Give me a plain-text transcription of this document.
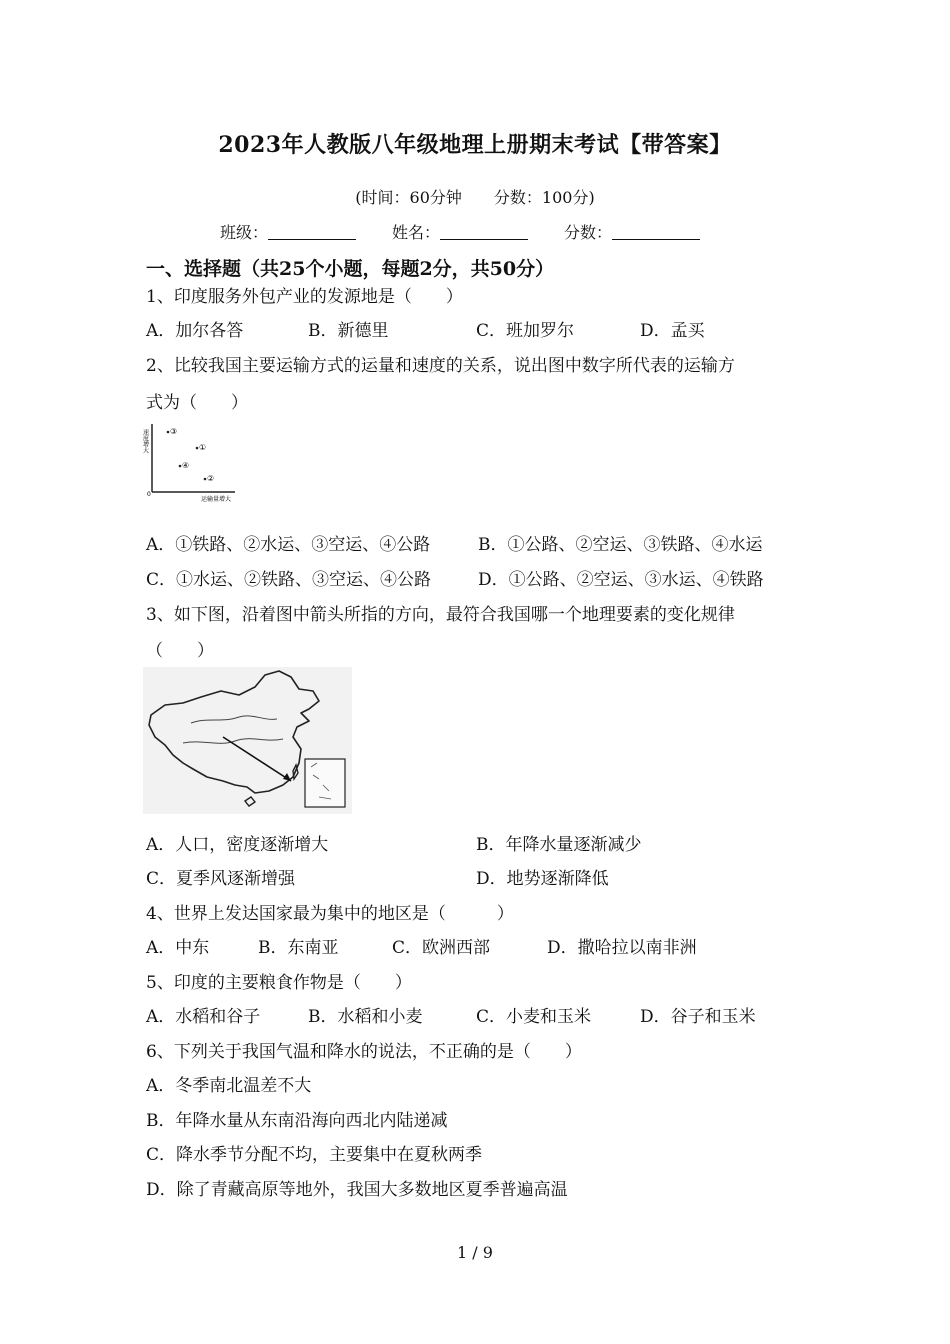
2023年人教版八年级地理上册期末考试【带答案】
(时间：60分钟　　分数：100分)
班级：	姓名：	分数：
一、选择题（共25个小题，每题2分，共50分）
1、印度服务外包产业的发源地是（　　）
A．加尔各答	B．新德里	C．班加罗尔	D．孟买
2、比较我国主要运输方式的运量和速度的关系，说出图中数字所代表的运输方
式为（　　）
速度增大
0
运输量增大
③
①
④
②
A．①铁路、②水运、③空运、④公路	B．①公路、②空运、③铁路、④水运
C．①水运、②铁路、③空运、④公路	D．①公路、②空运、③水运、④铁路
3、如下图，沿着图中箭头所指的方向，最符合我国哪一个地理要素的变化规律
（　　）
A．人口，密度逐渐增大	B．年降水量逐渐减少
C．夏季风逐渐增强	D．地势逐渐降低
4、世界上发达国家最为集中的地区是（　　　）
A．中东	B．东南亚	C．欧洲西部	D．撒哈拉以南非洲
5、印度的主要粮食作物是（　　）
A．水稻和谷子	B．水稻和小麦	C．小麦和玉米	D．谷子和玉米
6、下列关于我国气温和降水的说法，不正确的是（　　）
A．冬季南北温差不大
B．年降水量从东南沿海向西北内陆递减
C．降水季节分配不均，主要集中在夏秋两季
D．除了青藏高原等地外，我国大多数地区夏季普遍高温
1 / 9
